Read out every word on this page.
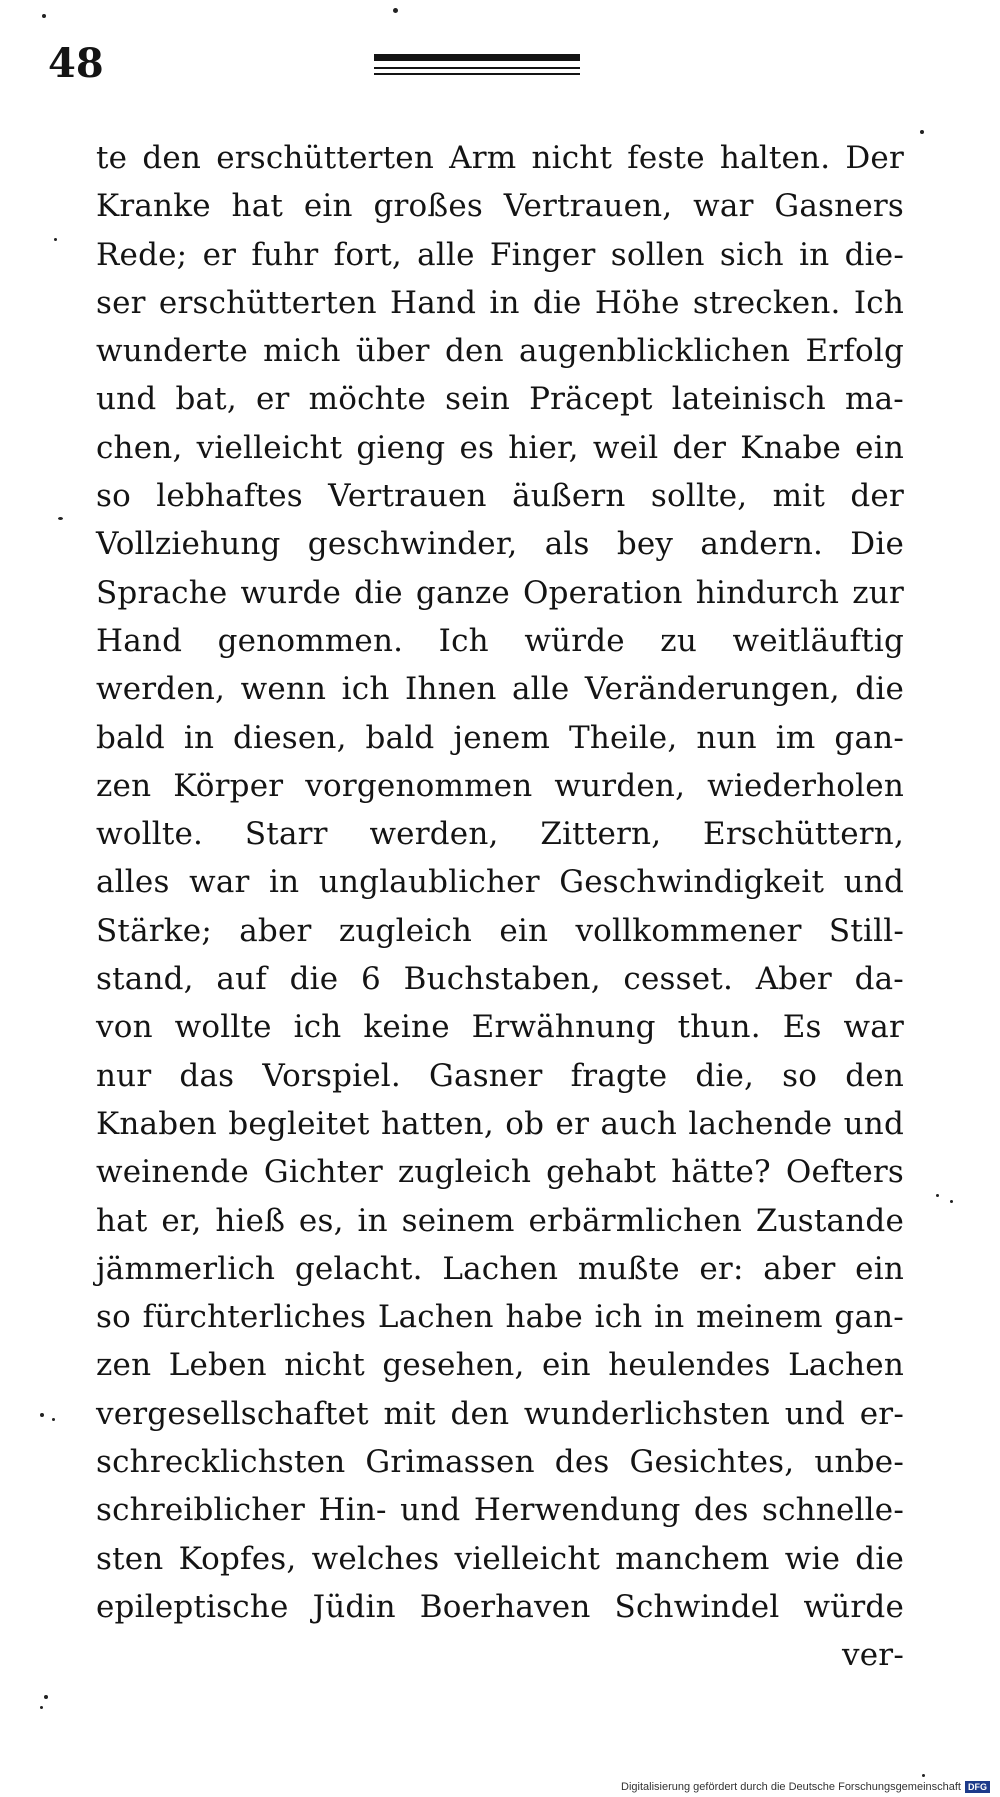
48
te den erschütterten Arm nicht feste halten. Der
Kranke hat ein großes Vertrauen, war Gasners
Rede; er fuhr fort, alle Finger sollen sich in die-
ser erschütterten Hand in die Höhe strecken. Ich
wunderte mich über den augenblicklichen Erfolg
und bat, er möchte sein Präcept lateinisch ma-
chen, vielleicht gieng es hier, weil der Knabe ein
so lebhaftes Vertrauen äußern sollte, mit der
Vollziehung geschwinder, als bey andern. Die
Sprache wurde die ganze Operation hindurch zur
Hand genommen. Ich würde zu weitläuftig
werden, wenn ich Ihnen alle Veränderungen, die
bald in diesen, bald jenem Theile, nun im gan-
zen Körper vorgenommen wurden, wiederholen
wollte. Starr werden, Zittern, Erschüttern,
alles war in unglaublicher Geschwindigkeit und
Stärke; aber zugleich ein vollkommener Still-
stand, auf die 6 Buchstaben, cesset. Aber da-
von wollte ich keine Erwähnung thun. Es war
nur das Vorspiel. Gasner fragte die, so den
Knaben begleitet hatten, ob er auch lachende und
weinende Gichter zugleich gehabt hätte? Oefters
hat er, hieß es, in seinem erbärmlichen Zustande
jämmerlich gelacht. Lachen mußte er: aber ein
so fürchterliches Lachen habe ich in meinem gan-
zen Leben nicht gesehen, ein heulendes Lachen
vergesellschaftet mit den wunderlichsten und er-
schrecklichsten Grimassen des Gesichtes, unbe-
schreiblicher Hin- und Herwendung des schnelle-
sten Kopfes, welches vielleicht manchem wie die
epileptische Jüdin Boerhaven Schwindel würde
ver-
Digitalisierung gefördert durch die Deutsche Forschungsgemeinschaft DFG
